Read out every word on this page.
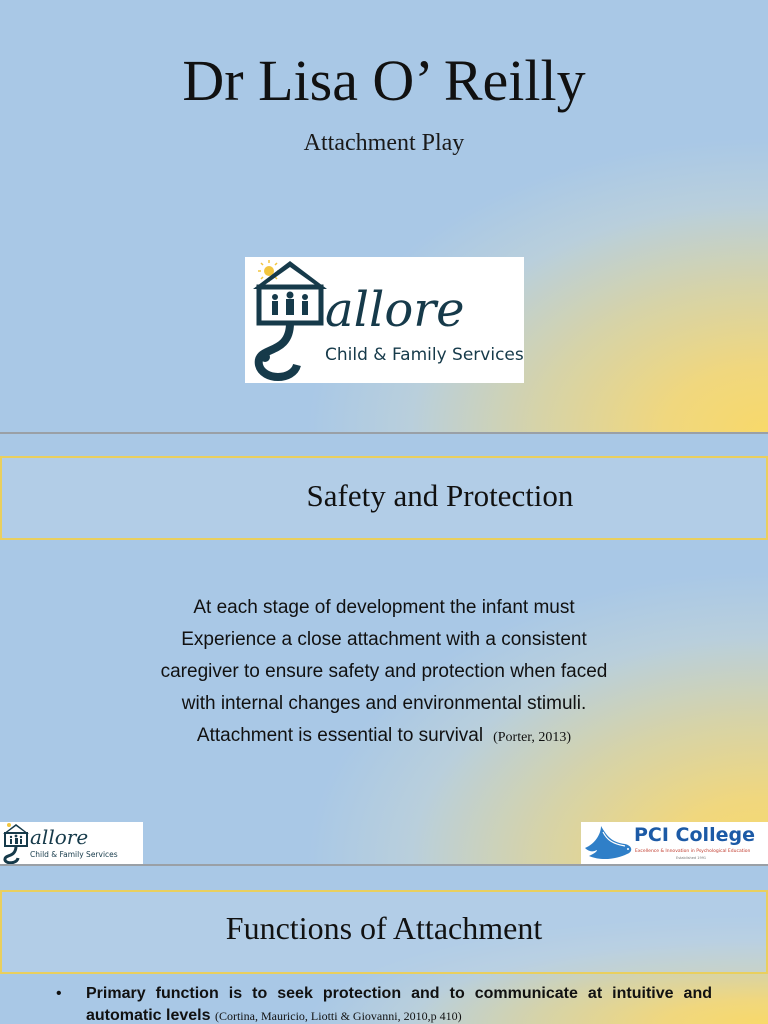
Dr Lisa O’ Reilly
Attachment Play
allore
Child & Family Services
Safety and Protection
At each stage of development the infant must
Experience a close attachment with a consistent
caregiver to ensure safety and protection when faced
with internal changes and environmental stimuli.
Attachment is essential to survival (Porter, 2013)
allore
Child & Family Services
PCI College
Excellence & Innovation in Psychological Education
Established 1991
Functions of Attachment
• Primary function is to seek protection and to communicate at intuitive and automatic levels (Cortina, Mauricio, Liotti & Giovanni, 2010,p 410)
